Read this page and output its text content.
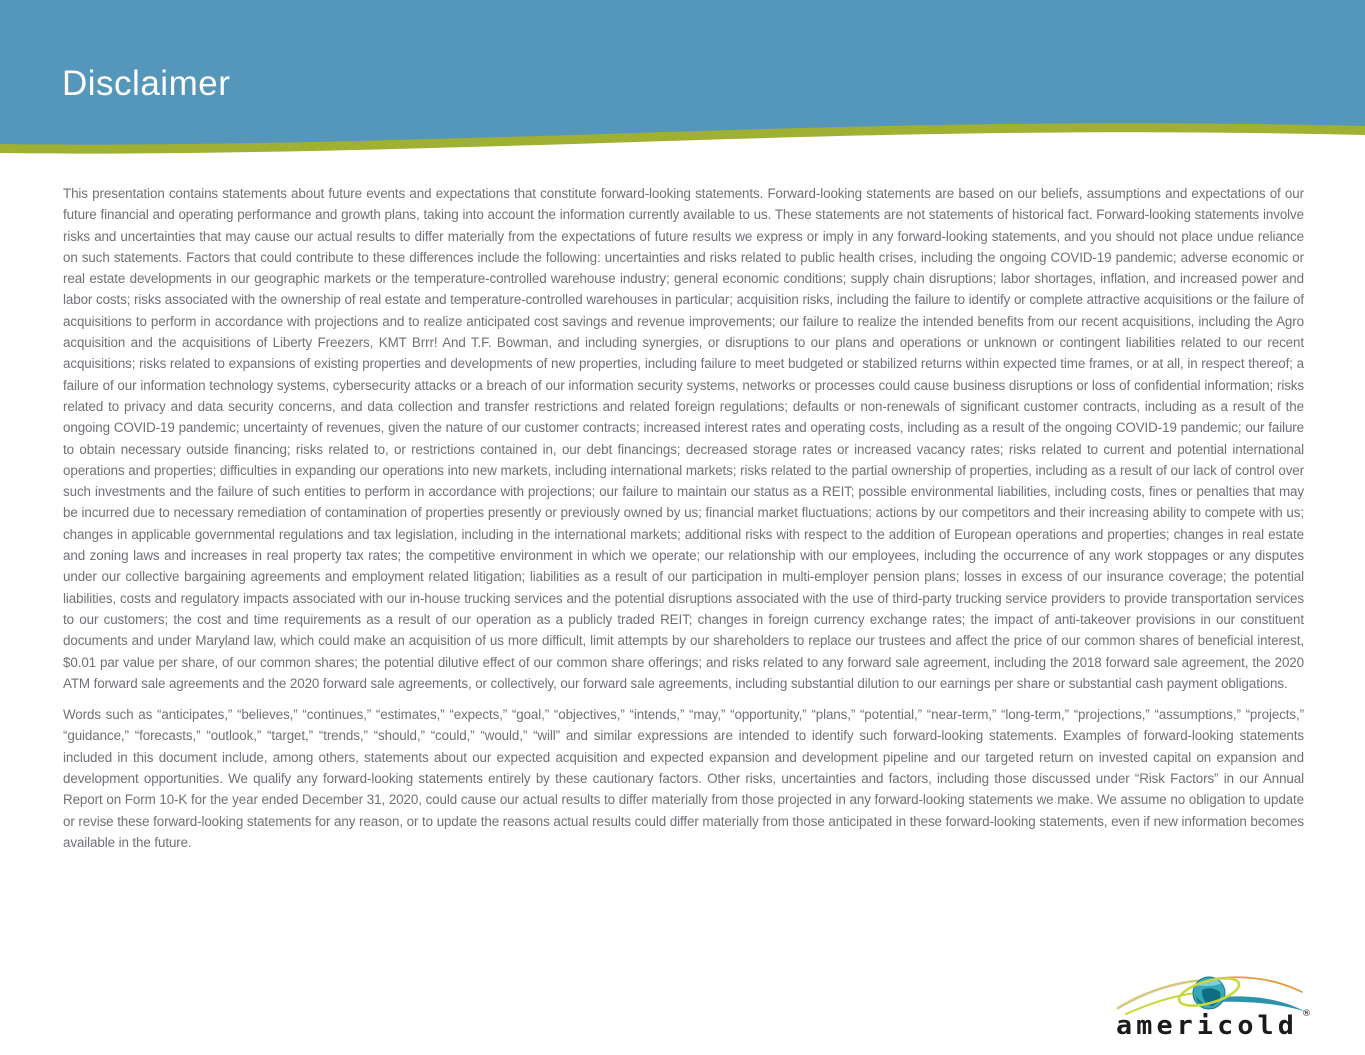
Disclaimer

This presentation contains statements about future events and expectations that constitute forward-looking statements. Forward-looking statements are based on our beliefs, assumptions and expectations of our future financial and operating performance and growth plans, taking into account the information currently available to us. These statements are not statements of historical fact. Forward-looking statements involve risks and uncertainties that may cause our actual results to differ materially from the expectations of future results we express or imply in any forward-looking statements, and you should not place undue reliance on such statements. Factors that could contribute to these differences include the following: uncertainties and risks related to public health crises, including the ongoing COVID-19 pandemic; adverse economic or real estate developments in our geographic markets or the temperature-controlled warehouse industry; general economic conditions; supply chain disruptions; labor shortages, inflation, and increased power and labor costs; risks associated with the ownership of real estate and temperature-controlled warehouses in particular; acquisition risks, including the failure to identify or complete attractive acquisitions or the failure of acquisitions to perform in accordance with projections and to realize anticipated cost savings and revenue improvements; our failure to realize the intended benefits from our recent acquisitions, including the Agro acquisition and the acquisitions of Liberty Freezers, KMT Brrr! And T.F. Bowman, and including synergies, or disruptions to our plans and operations or unknown or contingent liabilities related to our recent acquisitions; risks related to expansions of existing properties and developments of new properties, including failure to meet budgeted or stabilized returns within expected time frames, or at all, in respect thereof; a failure of our information technology systems, cybersecurity attacks or a breach of our information security systems, networks or processes could cause business disruptions or loss of confidential information; risks related to privacy and data security concerns, and data collection and transfer restrictions and related foreign regulations; defaults or non-renewals of significant customer contracts, including as a result of the ongoing COVID-19 pandemic; uncertainty of revenues, given the nature of our customer contracts; increased interest rates and operating costs, including as a result of the ongoing COVID-19 pandemic; our failure to obtain necessary outside financing; risks related to, or restrictions contained in, our debt financings; decreased storage rates or increased vacancy rates; risks related to current and potential international operations and properties; difficulties in expanding our operations into new markets, including international markets; risks related to the partial ownership of properties, including as a result of our lack of control over such investments and the failure of such entities to perform in accordance with projections; our failure to maintain our status as a REIT; possible environmental liabilities, including costs, fines or penalties that may be incurred due to necessary remediation of contamination of properties presently or previously owned by us; financial market fluctuations; actions by our competitors and their increasing ability to compete with us; changes in applicable governmental regulations and tax legislation, including in the international markets; additional risks with respect to the addition of European operations and properties; changes in real estate and zoning laws and increases in real property tax rates; the competitive environment in which we operate; our relationship with our employees, including the occurrence of any work stoppages or any disputes under our collective bargaining agreements and employment related litigation; liabilities as a result of our participation in multi-employer pension plans; losses in excess of our insurance coverage; the potential liabilities, costs and regulatory impacts associated with our in-house trucking services and the potential disruptions associated with the use of third-party trucking service providers to provide transportation services to our customers; the cost and time requirements as a result of our operation as a publicly traded REIT; changes in foreign currency exchange rates; the impact of anti-takeover provisions in our constituent documents and under Maryland law, which could make an acquisition of us more difficult, limit attempts by our shareholders to replace our trustees and affect the price of our common shares of beneficial interest, $0.01 par value per share, of our common shares; the potential dilutive effect of our common share offerings; and risks related to any forward sale agreement, including the 2018 forward sale agreement, the 2020 ATM forward sale agreements and the 2020 forward sale agreements, or collectively, our forward sale agreements, including substantial dilution to our earnings per share or substantial cash payment obligations.

Words such as “anticipates,” “believes,” “continues,” “estimates,” “expects,” “goal,” “objectives,” “intends,” “may,” “opportunity,” “plans,” “potential,” “near-term,” “long-term,” “projections,” “assumptions,” “projects,” “guidance,” “forecasts,” “outlook,” “target,” “trends,” “should,” “could,” “would,” “will” and similar expressions are intended to identify such forward-looking statements. Examples of forward-looking statements included in this document include, among others, statements about our expected acquisition and expected expansion and development pipeline and our targeted return on invested capital on expansion and development opportunities. We qualify any forward-looking statements entirely by these cautionary factors. Other risks, uncertainties and factors, including those discussed under “Risk Factors” in our Annual Report on Form 10-K for the year ended December 31, 2020, could cause our actual results to differ materially from those projected in any forward-looking statements we make. We assume no obligation to update or revise these forward-looking statements for any reason, or to update the reasons actual results could differ materially from those anticipated in these forward-looking statements, even if new information becomes available in the future.

americold ®
